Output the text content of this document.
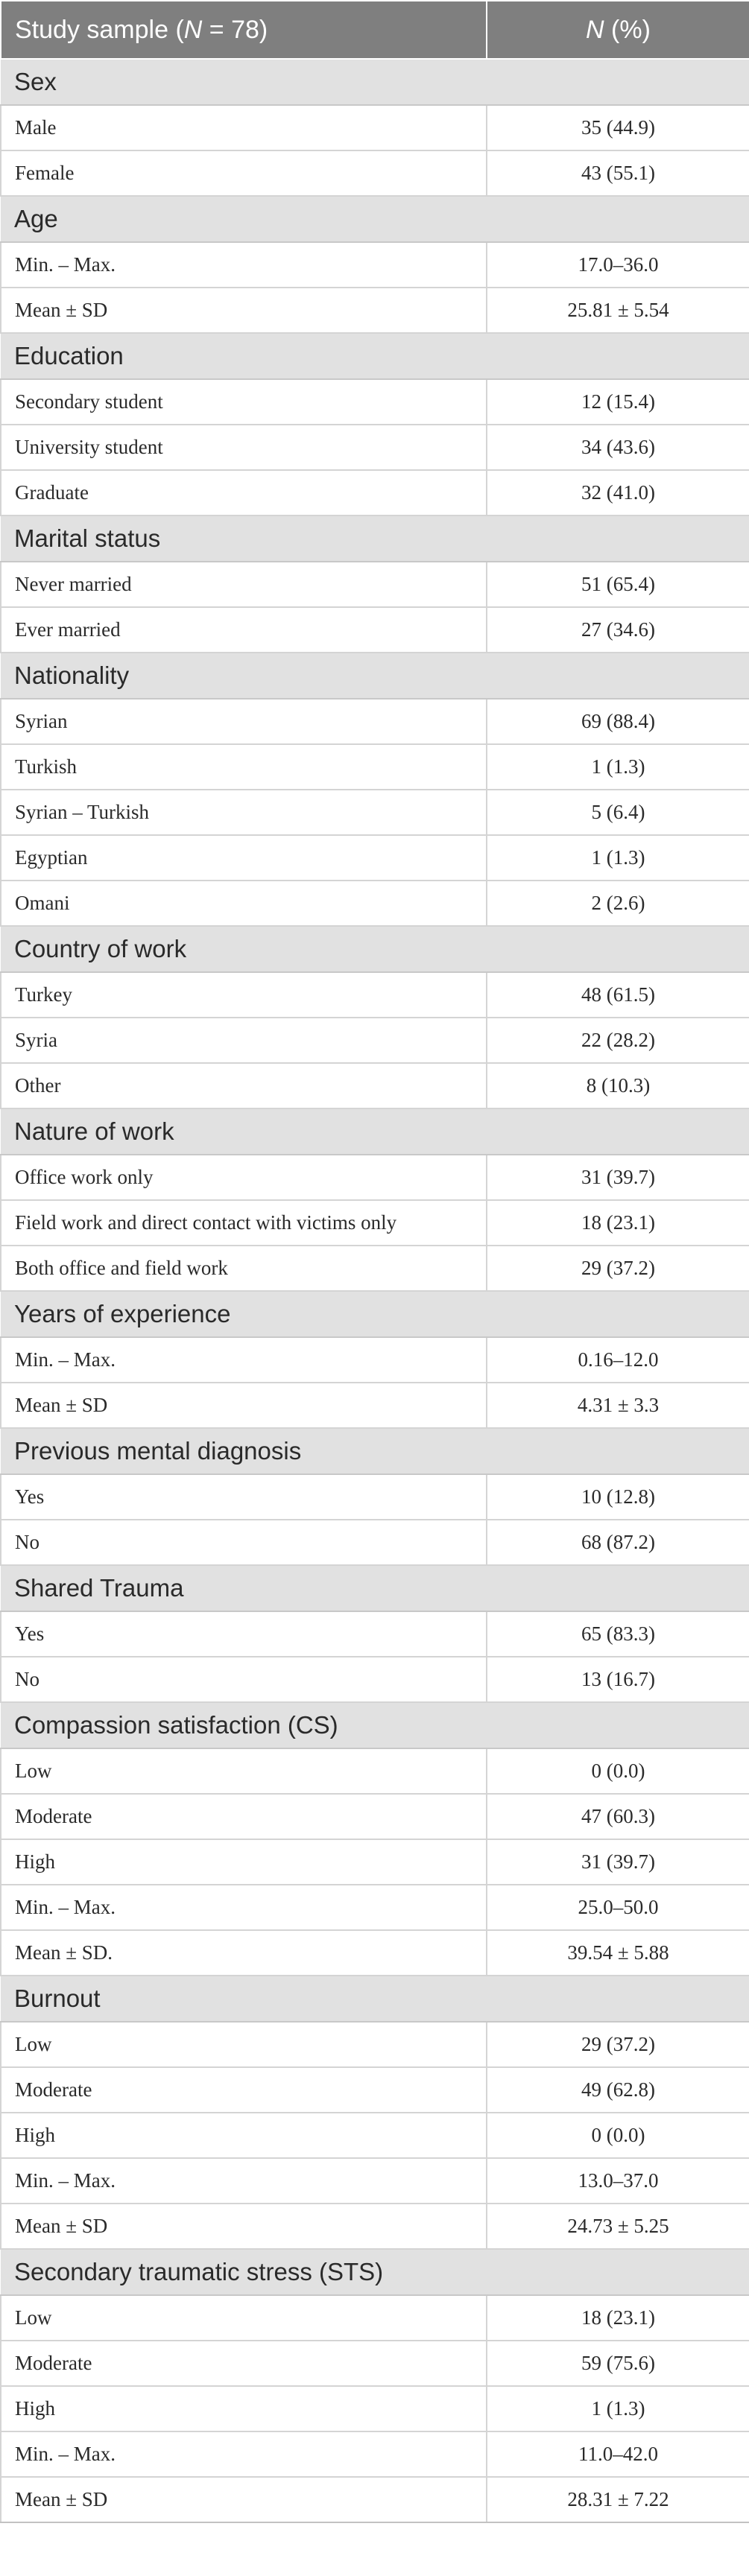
Study sample (N = 78)	N (%)
Sex	
Male	35 (44.9)
Female	43 (55.1)
Age	
Min. – Max.	17.0–36.0
Mean ± SD	25.81 ± 5.54
Education	
Secondary student	12 (15.4)
University student	34 (43.6)
Graduate	32 (41.0)
Marital status	
Never married	51 (65.4)
Ever married	27 (34.6)
Nationality	
Syrian	69 (88.4)
Turkish	1 (1.3)
Syrian – Turkish	5 (6.4)
Egyptian	1 (1.3)
Omani	2 (2.6)
Country of work	
Turkey	48 (61.5)
Syria	22 (28.2)
Other	8 (10.3)
Nature of work	
Office work only	31 (39.7)
Field work and direct contact with victims only	18 (23.1)
Both office and field work	29 (37.2)
Years of experience	
Min. – Max.	0.16–12.0
Mean ± SD	4.31 ± 3.3
Previous mental diagnosis	
Yes	10 (12.8)
No	68 (87.2)
Shared Trauma	
Yes	65 (83.3)
No	13 (16.7)
Compassion satisfaction (CS)	
Low	0 (0.0)
Moderate	47 (60.3)
High	31 (39.7)
Min. – Max.	25.0–50.0
Mean ± SD.	39.54 ± 5.88
Burnout	
Low	29 (37.2)
Moderate	49 (62.8)
High	0 (0.0)
Min. – Max.	13.0–37.0
Mean ± SD	24.73 ± 5.25
Secondary traumatic stress (STS)	
Low	18 (23.1)
Moderate	59 (75.6)
High	1 (1.3)
Min. – Max.	11.0–42.0
Mean ± SD	28.31 ± 7.22
